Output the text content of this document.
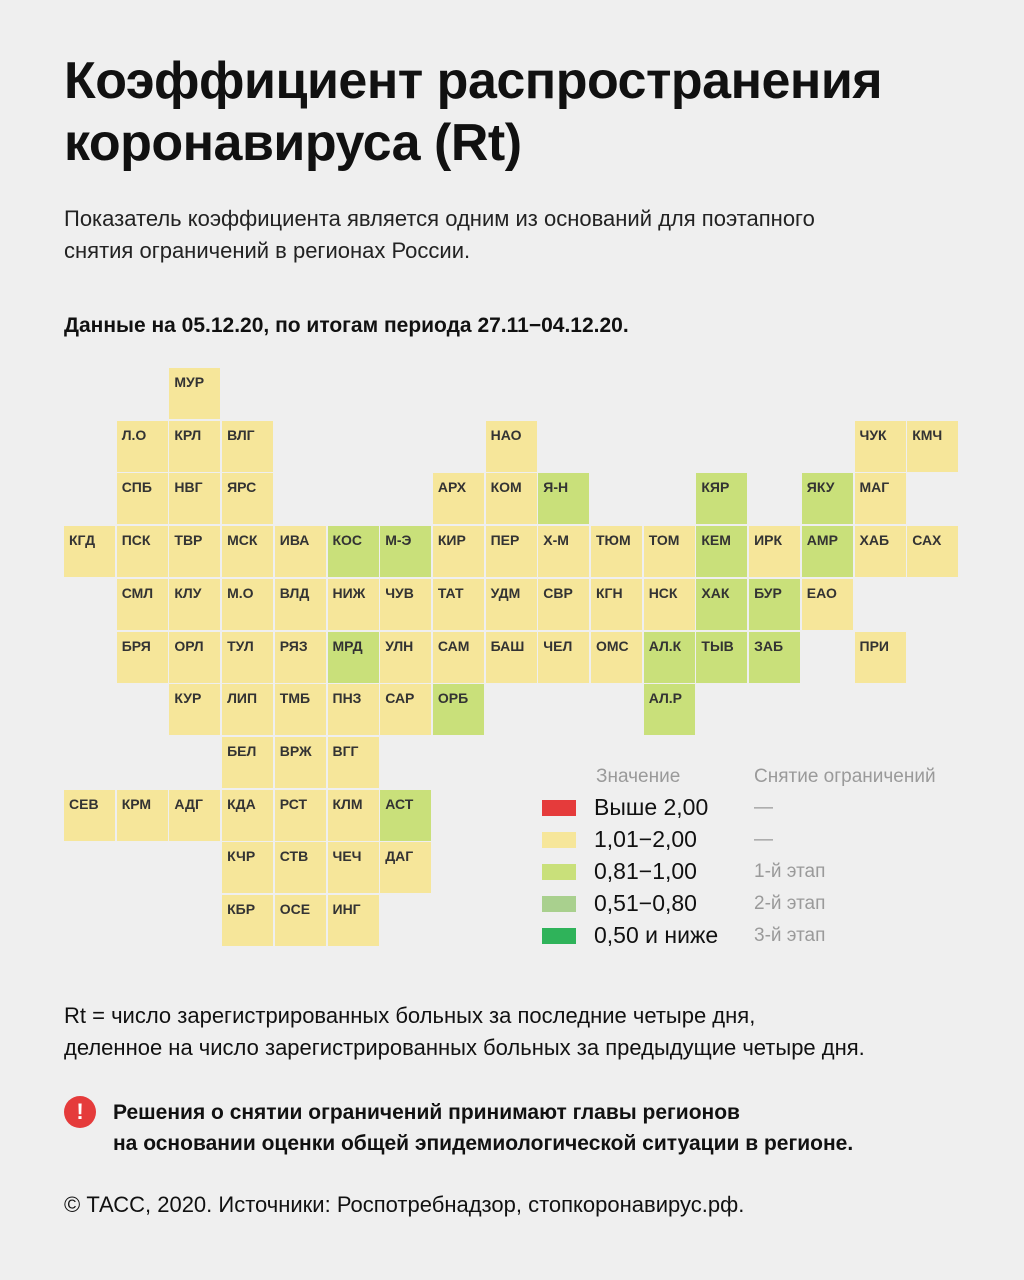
Коэффициент распространения
коронавируса (Rt)

Показатель коэффициента является одним из оснований для поэтапного
снятия ограничений в регионах России.

Данные на 05.12.20, по итогам периода 27.11−04.12.20.

МУР
Л.О	КРЛ	ВЛГ	НАО	ЧУК	КМЧ
СПБ	НВГ	ЯРС	АРХ	КОМ	Я-Н	КЯР	ЯКУ	МАГ
КГД	ПСК	ТВР	МСК	ИВА	КОС	М-Э	КИР	ПЕР	Х-М	ТЮМ	ТОМ	КЕМ	ИРК	АМР	ХАБ	САХ
СМЛ	КЛУ	М.О	ВЛД	НИЖ	ЧУВ	ТАТ	УДМ	СВР	КГН	НСК	ХАК	БУР	ЕАО
БРЯ	ОРЛ	ТУЛ	РЯЗ	МРД	УЛН	САМ	БАШ	ЧЕЛ	ОМС	АЛ.К	ТЫВ	ЗАБ	ПРИ
КУР	ЛИП	ТМБ	ПНЗ	САР	ОРБ	АЛ.Р
БЕЛ	ВРЖ	ВГГ
СЕВ	КРМ	АДГ	КДА	РСТ	КЛМ	АСТ
КЧР	СТВ	ЧЕЧ	ДАГ
КБР	ОСЕ	ИНГ
Значение	Снятие ограничений
Выше 2,00 —
1,01−2,00	—
0,81−1,00	1-й этап
0,51−0,80	2-й этап
0,50 и ниже 3-й этап

Rt = число зарегистрированных больных за последние четыре дня,
деленное на число зарегистрированных больных за предыдущие четыре дня.

!	Решения о снятии ограничений принимают главы регионов
на основании оценки общей эпидемиологической ситуации в регионе.

© ТАСС, 2020. Источники: Роспотребнадзор, стопкоронавирус.рф.
